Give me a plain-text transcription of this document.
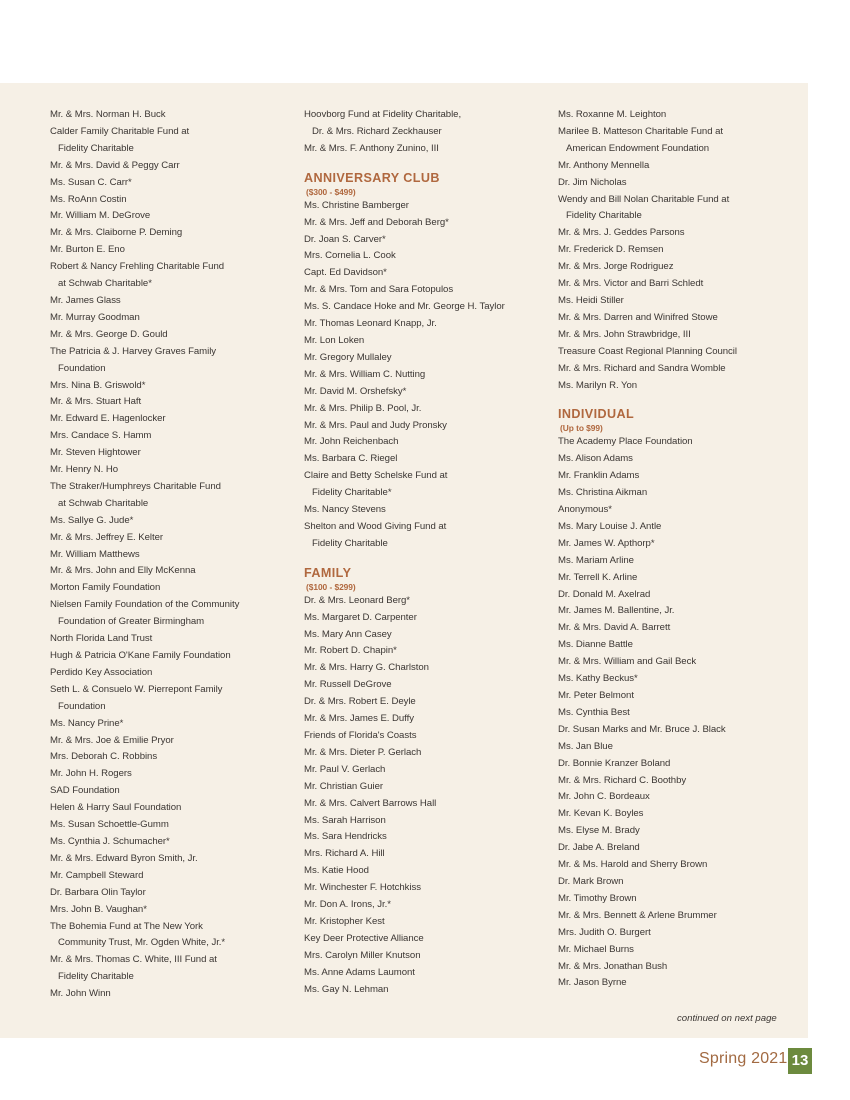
Mr. & Mrs. Norman H. Buck
Calder Family Charitable Fund at
Fidelity Charitable
Mr. & Mrs. David & Peggy Carr
Ms. Susan C. Carr*
Ms. RoAnn Costin
Mr. William M. DeGrove
Mr. & Mrs. Claiborne P. Deming
Mr. Burton E. Eno
Robert & Nancy Frehling Charitable Fund
at Schwab Charitable*
Mr. James Glass
Mr. Murray Goodman
Mr. & Mrs. George D. Gould
The Patricia & J. Harvey Graves Family
Foundation
Mrs. Nina B. Griswold*
Mr. & Mrs. Stuart Haft
Mr. Edward E. Hagenlocker
Mrs. Candace S. Hamm
Mr. Steven Hightower
Mr. Henry N. Ho
The Straker/Humphreys Charitable Fund
at Schwab Charitable
Ms. Sallye G. Jude*
Mr. & Mrs. Jeffrey E. Kelter
Mr. William Matthews
Mr. & Mrs. John and Elly McKenna
Morton Family Foundation
Nielsen Family Foundation of the Community
Foundation of Greater Birmingham
North Florida Land Trust
Hugh & Patricia O'Kane Family Foundation
Perdido Key Association
Seth L. & Consuelo W. Pierrepont Family
Foundation
Ms. Nancy Prine*
Mr. & Mrs. Joe & Emilie Pryor
Mrs. Deborah C. Robbins
Mr. John H. Rogers
SAD Foundation
Helen & Harry Saul Foundation
Ms. Susan Schoettle-Gumm
Ms. Cynthia J. Schumacher*
Mr. & Mrs. Edward Byron Smith, Jr.
Mr. Campbell Steward
Dr. Barbara Olin Taylor
Mrs. John B. Vaughan*
The Bohemia Fund at The New York
Community Trust, Mr. Ogden White, Jr.*
Mr. & Mrs. Thomas C. White, III Fund at
Fidelity Charitable
Mr. John Winn
Hoovborg Fund at Fidelity Charitable,
Dr. & Mrs. Richard Zeckhauser
Mr. & Mrs. F. Anthony Zunino, III
ANNIVERSARY CLUB
($300 - $499)
Ms. Christine Bamberger
Mr. & Mrs. Jeff and Deborah Berg*
Dr. Joan S. Carver*
Mrs. Cornelia L. Cook
Capt. Ed Davidson*
Mr. & Mrs. Tom and Sara Fotopulos
Ms. S. Candace Hoke and Mr. George H. Taylor
Mr. Thomas Leonard Knapp, Jr.
Mr. Lon Loken
Mr. Gregory Mullaley
Mr. & Mrs. William C. Nutting
Mr. David M. Orshefsky*
Mr. & Mrs. Philip B. Pool, Jr.
Mr. & Mrs. Paul and Judy Pronsky
Mr. John Reichenbach
Ms. Barbara C. Riegel
Claire and Betty Schelske Fund at
Fidelity Charitable*
Ms. Nancy Stevens
Shelton and Wood Giving Fund at
Fidelity Charitable
FAMILY
($100 - $299)
Dr. & Mrs. Leonard Berg*
Ms. Margaret D. Carpenter
Ms. Mary Ann Casey
Mr. Robert D. Chapin*
Mr. & Mrs. Harry G. Charlston
Mr. Russell DeGrove
Dr. & Mrs. Robert E. Deyle
Mr. & Mrs. James E. Duffy
Friends of Florida's Coasts
Mr. & Mrs. Dieter P. Gerlach
Mr. Paul V. Gerlach
Mr. Christian Guier
Mr. & Mrs. Calvert Barrows Hall
Ms. Sarah Harrison
Ms. Sara Hendricks
Mrs. Richard A. Hill
Ms. Katie Hood
Mr. Winchester F. Hotchkiss
Mr. Don A. Irons, Jr.*
Mr. Kristopher Kest
Key Deer Protective Alliance
Mrs. Carolyn Miller Knutson
Ms. Anne Adams Laumont
Ms. Gay N. Lehman
Ms. Roxanne M. Leighton
Marilee B. Matteson Charitable Fund at
American Endowment Foundation
Mr. Anthony Mennella
Dr. Jim Nicholas
Wendy and Bill Nolan Charitable Fund at
Fidelity Charitable
Mr. & Mrs. J. Geddes Parsons
Mr. Frederick D. Remsen
Mr. & Mrs. Jorge Rodriguez
Mr. & Mrs. Victor and Barri Schledt
Ms. Heidi Stiller
Mr. & Mrs. Darren and Winifred Stowe
Mr. & Mrs. John Strawbridge, III
Treasure Coast Regional Planning Council
Mr. & Mrs. Richard and Sandra Womble
Ms. Marilyn R. Yon
INDIVIDUAL
(Up to $99)
The Academy Place Foundation
Ms. Alison Adams
Mr. Franklin Adams
Ms. Christina Aikman
Anonymous*
Ms. Mary Louise J. Antle
Mr. James W. Apthorp*
Ms. Mariam Arline
Mr. Terrell K. Arline
Dr. Donald M. Axelrad
Mr. James M. Ballentine, Jr.
Mr. & Mrs. David A. Barrett
Ms. Dianne Battle
Mr. & Mrs. William and Gail Beck
Ms. Kathy Beckus*
Mr. Peter Belmont
Ms. Cynthia Best
Dr. Susan Marks and Mr. Bruce J. Black
Ms. Jan Blue
Dr. Bonnie Kranzer Boland
Mr. & Mrs. Richard C. Boothby
Mr. John C. Bordeaux
Mr. Kevan K. Boyles
Ms. Elyse M. Brady
Dr. Jabe A. Breland
Mr. & Ms. Harold and Sherry Brown
Dr. Mark Brown
Mr. Timothy Brown
Mr. & Mrs. Bennett & Arlene Brummer
Mrs. Judith O. Burgert
Mr. Michael Burns
Mr. & Mrs. Jonathan Bush
Mr. Jason Byrne
continued on next page
Spring 2021 13
